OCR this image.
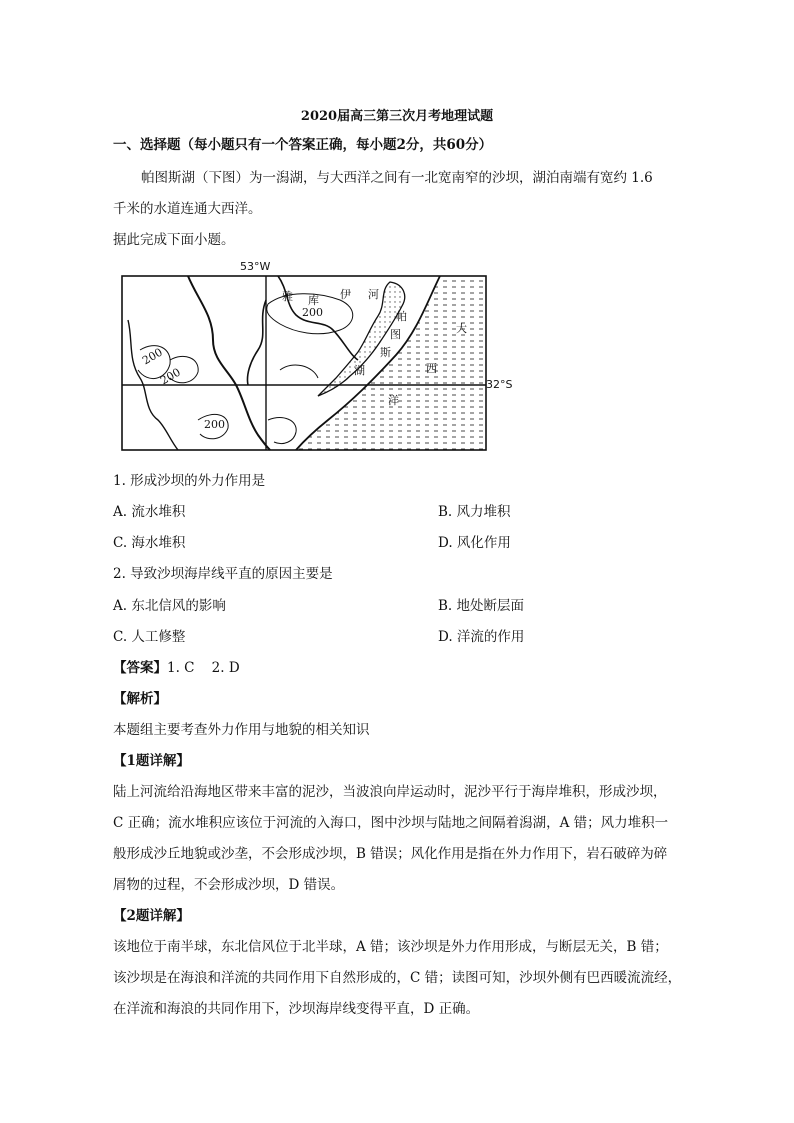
2020届高三第三次月考地理试题
一、选择题（每小题只有一个答案正确，每小题2分，共60分）
帕图斯湖（下图）为一潟湖，与大西洋之间有一北宽南窄的沙坝，湖泊南端有宽约 1.6
千米的水道连通大西洋。
据此完成下面小题。
53°W
32°S
200
200
200
200
雅 库 伊 河
帕
图
斯
湖
大
西
洋
1. 形成沙坝的外力作用是
A. 流水堆积	B. 风力堆积
C. 海水堆积	D. 风化作用
2. 导致沙坝海岸线平直的原因主要是
A. 东北信风的影响	B. 地处断层面
C. 人工修整	D. 洋流的作用
【答案】1. C    2. D
【解析】
本题组主要考查外力作用与地貌的相关知识
【1题详解】
陆上河流给沿海地区带来丰富的泥沙，当波浪向岸运动时，泥沙平行于海岸堆积，形成沙坝，
C 正确；流水堆积应该位于河流的入海口，图中沙坝与陆地之间隔着潟湖，A 错；风力堆积一
般形成沙丘地貌或沙垄，不会形成沙坝，B 错误；风化作用是指在外力作用下，岩石破碎为碎
屑物的过程，不会形成沙坝，D 错误。
【2题详解】
该地位于南半球，东北信风位于北半球，A 错；该沙坝是外力作用形成，与断层无关，B 错；
该沙坝是在海浪和洋流的共同作用下自然形成的，C 错；读图可知，沙坝外侧有巴西暖流流经，
在洋流和海浪的共同作用下，沙坝海岸线变得平直，D 正确。
